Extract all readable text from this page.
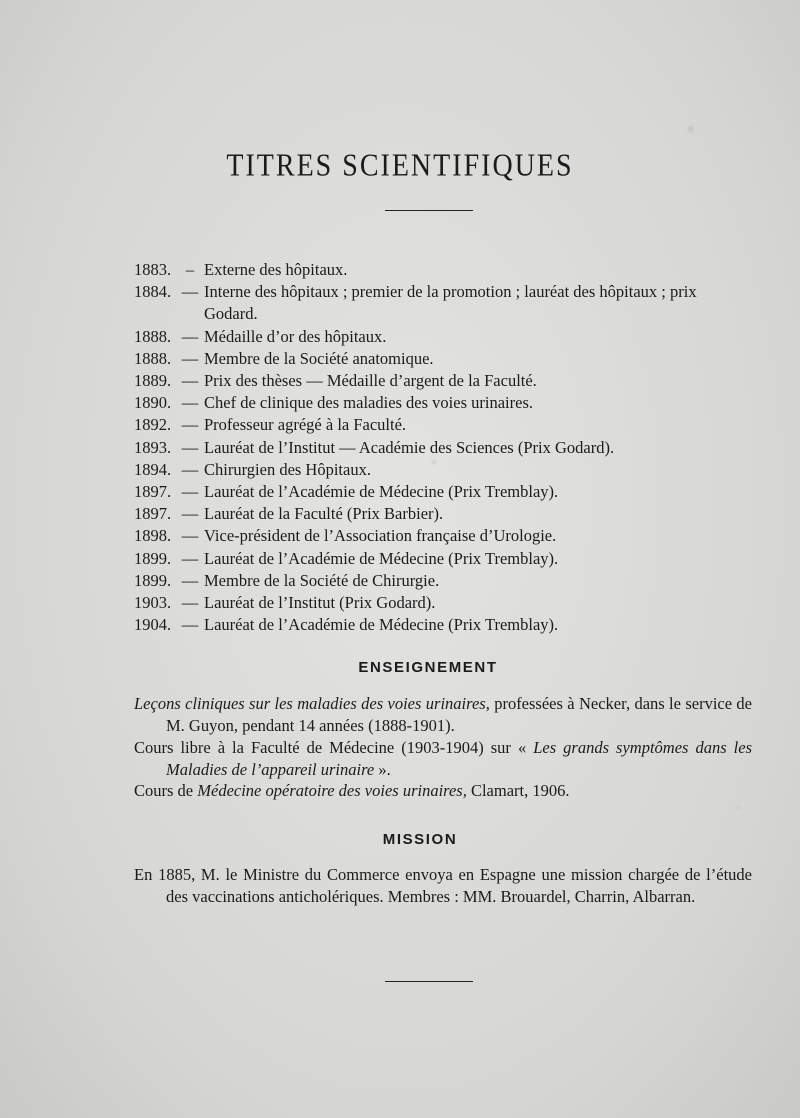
TITRES SCIENTIFIQUES
1883. – Externe des hôpitaux.
1884. — Interne des hôpitaux ; premier de la promotion ; lauréat des hôpitaux ; prix Godard.
1888. — Médaille d’or des hôpitaux.
1888. — Membre de la Société anatomique.
1889. — Prix des thèses — Médaille d’argent de la Faculté.
1890. — Chef de clinique des maladies des voies urinaires.
1892. — Professeur agrégé à la Faculté.
1893. — Lauréat de l’Institut — Académie des Sciences (Prix Godard).
1894. — Chirurgien des Hôpitaux.
1897. — Lauréat de l’Académie de Médecine (Prix Tremblay).
1897. — Lauréat de la Faculté (Prix Barbier).
1898. — Vice-président de l’Association française d’Urologie.
1899. — Lauréat de l’Académie de Médecine (Prix Tremblay).
1899. — Membre de la Société de Chirurgie.
1903. — Lauréat de l’Institut (Prix Godard).
1904. — Lauréat de l’Académie de Médecine (Prix Tremblay).
ENSEIGNEMENT

Leçons cliniques sur les maladies des voies urinaires, professées à Necker, dans le service de M. Guyon, pendant 14 années (1888-1901).

Cours libre à la Faculté de Médecine (1903-1904) sur « Les grands symptômes dans les Maladies de l’appareil urinaire ».

Cours de Médecine opératoire des voies urinaires, Clamart, 1906.

MISSION

En 1885, M. le Ministre du Commerce envoya en Espagne une mission chargée de l’étude des vaccinations anticholériques. Membres : MM. Brouardel, Charrin, Albarran.
